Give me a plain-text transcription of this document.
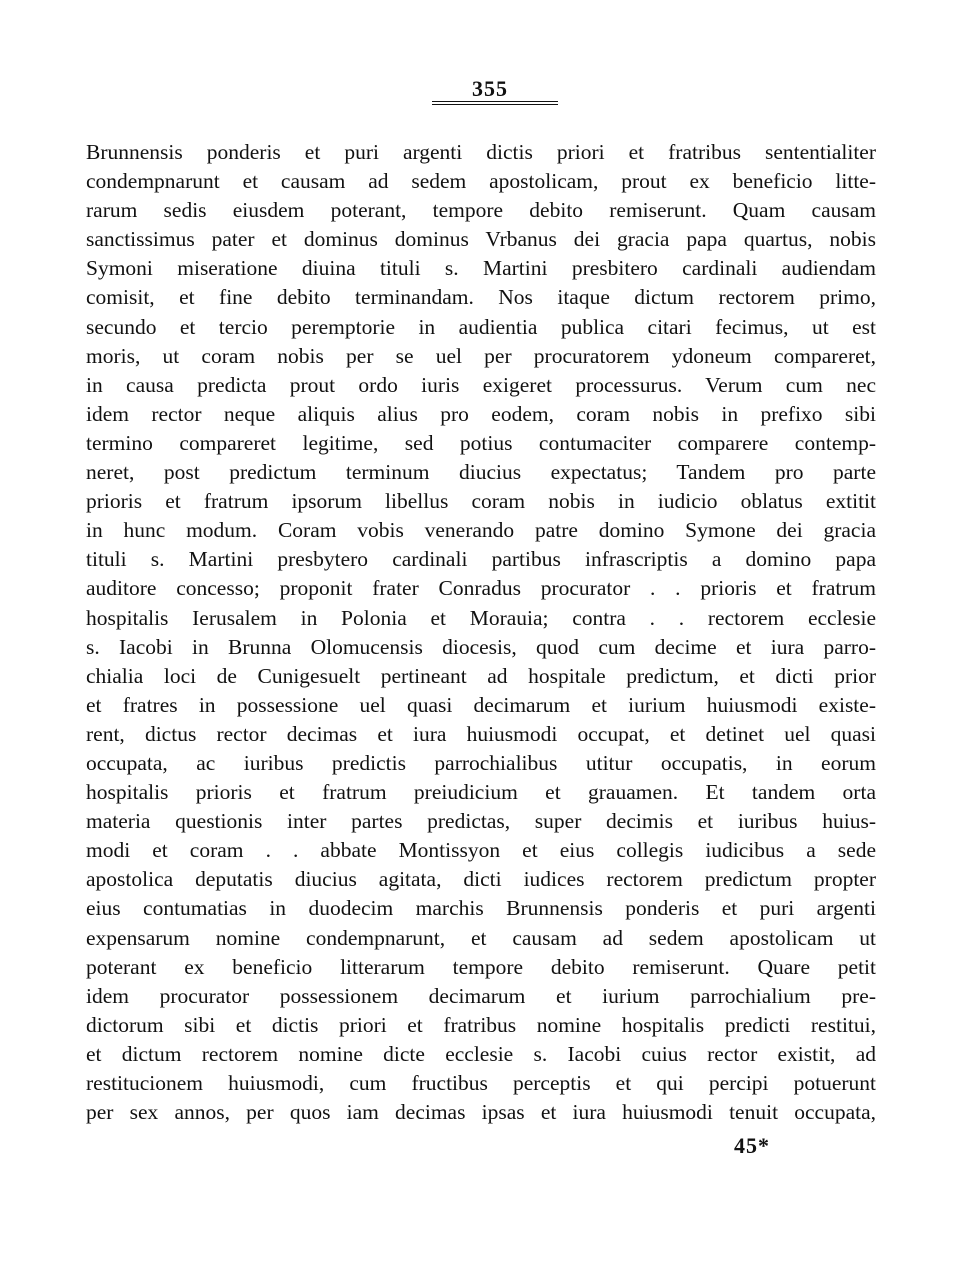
355
Brunnensis ponderis et puri argenti dictis priori et fratribus sententialiter
condempnarunt et causam ad sedem apostolicam, prout ex beneficio litte-
rarum sedis eiusdem poterant, tempore debito remiserunt. Quam causam
sanctissimus pater et dominus dominus Vrbanus dei gracia papa quartus, nobis
Symoni miseratione diuina tituli s. Martini presbitero cardinali audiendam
comisit, et fine debito terminandam. Nos itaque dictum rectorem primo,
secundo et tercio peremptorie in audientia publica citari fecimus, ut est
moris, ut coram nobis per se uel per procuratorem ydoneum compareret,
in causa predicta prout ordo iuris exigeret processurus. Verum cum nec
idem rector neque aliquis alius pro eodem, coram nobis in prefixo sibi
termino compareret legitime, sed potius contumaciter comparere contemp-
neret, post predictum terminum diucius expectatus; Tandem pro parte
prioris et fratrum ipsorum libellus coram nobis in iudicio oblatus extitit
in hunc modum. Coram vobis venerando patre domino Symone dei gracia
tituli s. Martini presbytero cardinali partibus infrascriptis a domino papa
auditore concesso; proponit frater Conradus procurator . . prioris et fratrum
hospitalis Ierusalem in Polonia et Morauia; contra . . rectorem ecclesie
s. Iacobi in Brunna Olomucensis diocesis, quod cum decime et iura parro-
chialia loci de Cunigesuelt pertineant ad hospitale predictum, et dicti prior
et fratres in possessione uel quasi decimarum et iurium huiusmodi existe-
rent, dictus rector decimas et iura huiusmodi occupat, et detinet uel quasi
occupata, ac iuribus predictis parrochialibus utitur occupatis, in eorum
hospitalis prioris et fratrum preiudicium et grauamen. Et tandem orta
materia questionis inter partes predictas, super decimis et iuribus huius-
modi et coram . . abbate Montissyon et eius collegis iudicibus a sede
apostolica deputatis diucius agitata, dicti iudices rectorem predictum propter
eius contumatias in duodecim marchis Brunnensis ponderis et puri argenti
expensarum nomine condempnarunt, et causam ad sedem apostolicam ut
poterant ex beneficio litterarum tempore debito remiserunt. Quare petit
idem procurator possessionem decimarum et iurium parrochialium pre-
dictorum sibi et dictis priori et fratribus nomine hospitalis predicti restitui,
et dictum rectorem nomine dicte ecclesie s. Iacobi cuius rector existit, ad
restitucionem huiusmodi, cum fructibus perceptis et qui percipi potuerunt
per sex annos, per quos iam decimas ipsas et iura huiusmodi tenuit occupata,
45*
